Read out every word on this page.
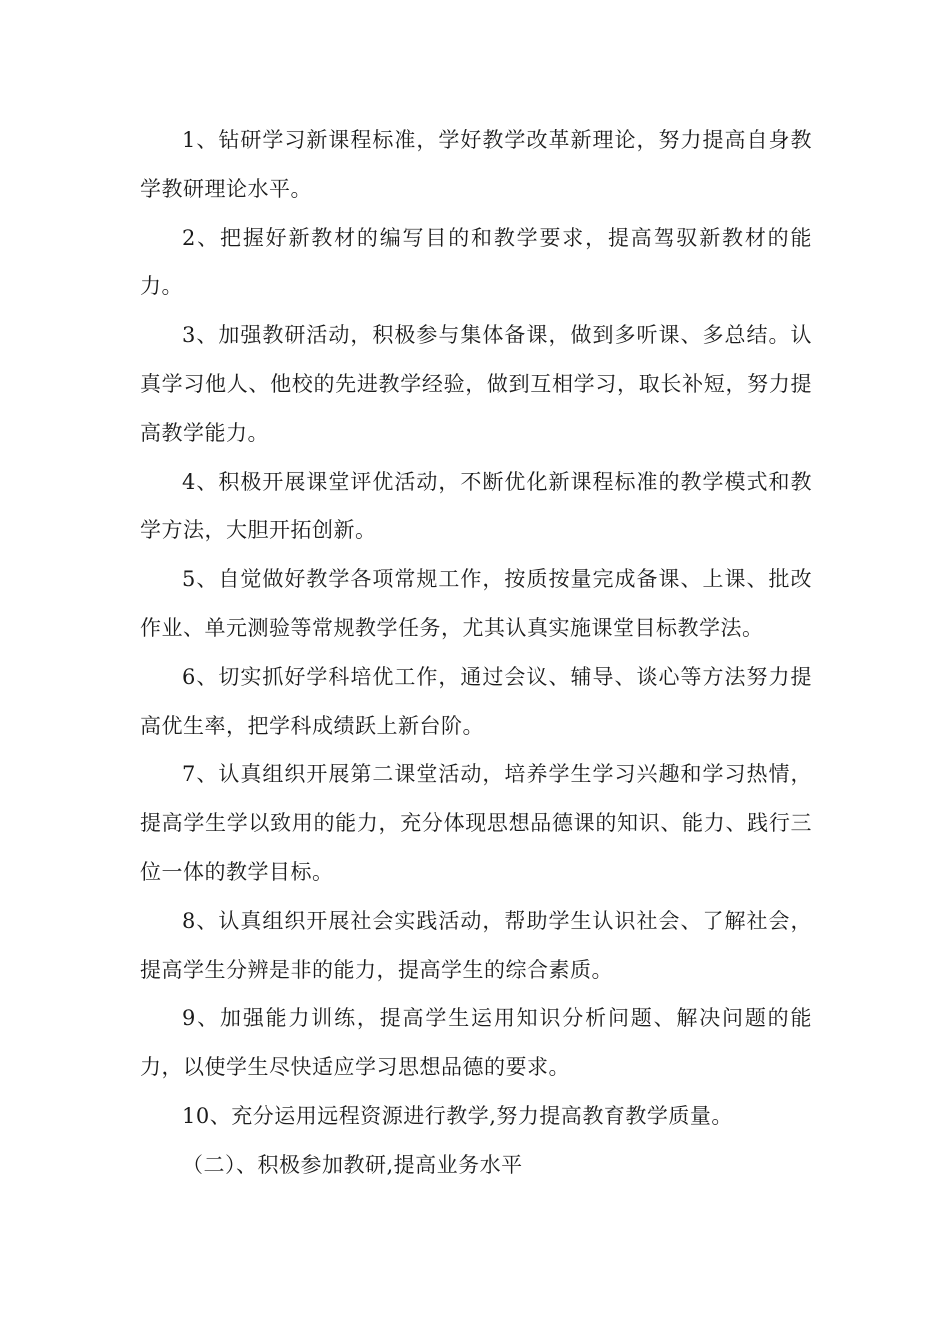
1、钻研学习新课程标准，学好教学改革新理论，努力提高自身教学教研理论水平。

2、把握好新教材的编写目的和教学要求，提高驾驭新教材的能力。

3、加强教研活动，积极参与集体备课，做到多听课、多总结。认真学习他人、他校的先进教学经验，做到互相学习，取长补短，努力提高教学能力。

4、积极开展课堂评优活动，不断优化新课程标准的教学模式和教学方法，大胆开拓创新。

5、自觉做好教学各项常规工作，按质按量完成备课、上课、批改作业、单元测验等常规教学任务，尤其认真实施课堂目标教学法。

6、切实抓好学科培优工作，通过会议、辅导、谈心等方法努力提高优生率，把学科成绩跃上新台阶。

7、认真组织开展第二课堂活动，培养学生学习兴趣和学习热情，提高学生学以致用的能力，充分体现思想品德课的知识、能力、践行三位一体的教学目标。

8、认真组织开展社会实践活动，帮助学生认识社会、了解社会，提高学生分辨是非的能力，提高学生的综合素质。

9、加强能力训练，提高学生运用知识分析问题、解决问题的能力，以使学生尽快适应学习思想品德的要求。

10、充分运用远程资源进行教学,努力提高教育教学质量。

（二）、积极参加教研,提高业务水平
